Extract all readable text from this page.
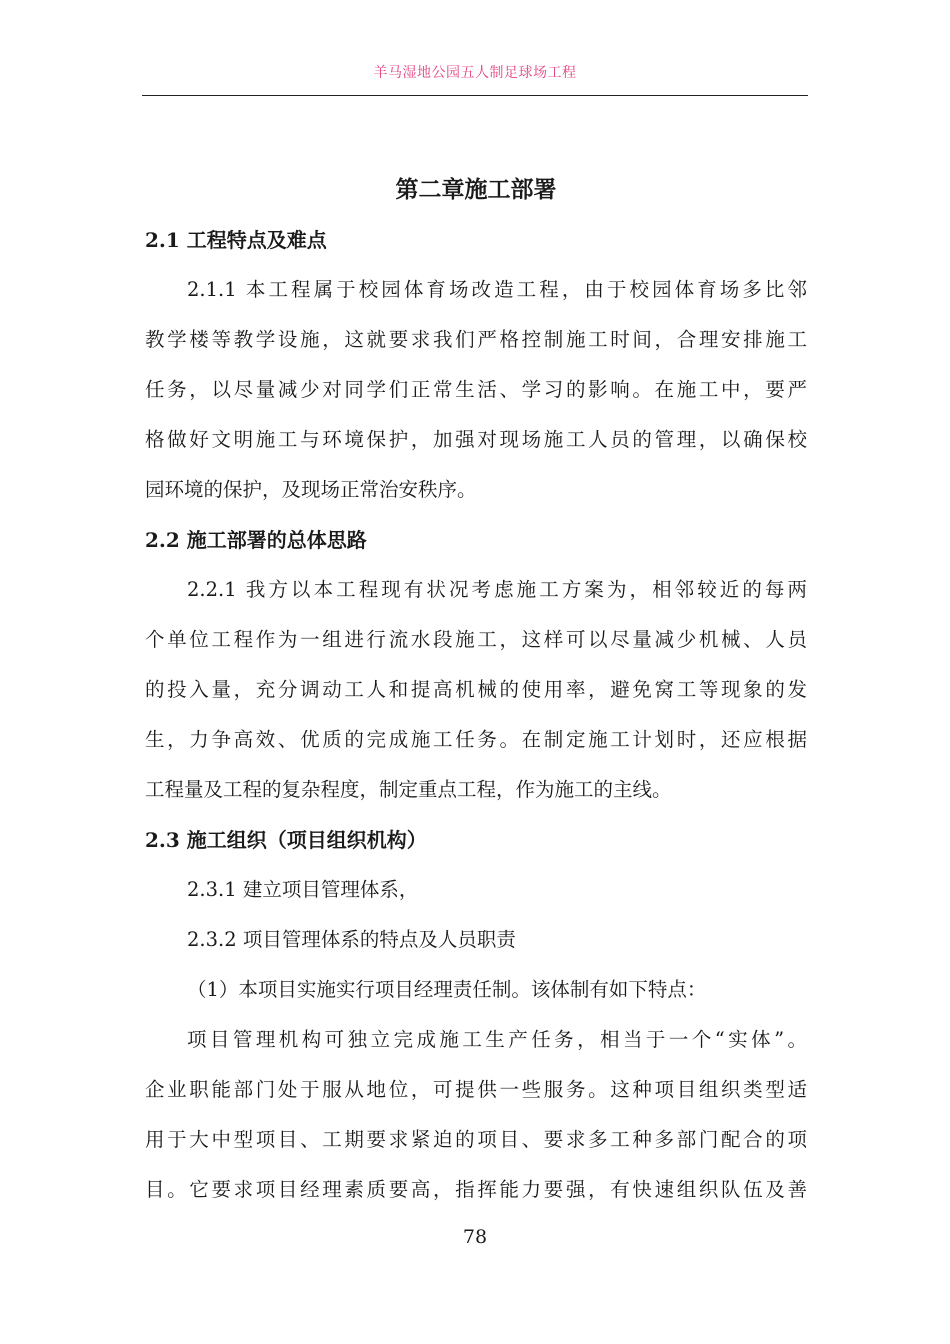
羊马湿地公园五人制足球场工程
第二章施工部署
2.1 工程特点及难点
2.1.1 本工程属于校园体育场改造工程，由于校园体育场多比邻
教学楼等教学设施，这就要求我们严格控制施工时间，合理安排施工
任务，以尽量减少对同学们正常生活、学习的影响。在施工中，要严
格做好文明施工与环境保护，加强对现场施工人员的管理，以确保校
园环境的保护，及现场正常治安秩序。
2.2 施工部署的总体思路
2.2.1 我方以本工程现有状况考虑施工方案为，相邻较近的每两
个单位工程作为一组进行流水段施工，这样可以尽量减少机械、人员
的投入量，充分调动工人和提高机械的使用率，避免窝工等现象的发
生，力争高效、优质的完成施工任务。在制定施工计划时，还应根据
工程量及工程的复杂程度，制定重点工程，作为施工的主线。
2.3 施工组织（项目组织机构）

2.3.1 建立项目管理体系，

2.3.2 项目管理体系的特点及人员职责

（1）本项目实施实行项目经理责任制。该体制有如下特点：

项目管理机构可独立完成施工生产任务，相当于一个“实体”。
企业职能部门处于服从地位，可提供一些服务。这种项目组织类型适
用于大中型项目、工期要求紧迫的项目、要求多工种多部门配合的项
目。它要求项目经理素质要高，指挥能力要强，有快速组织队伍及善
78
